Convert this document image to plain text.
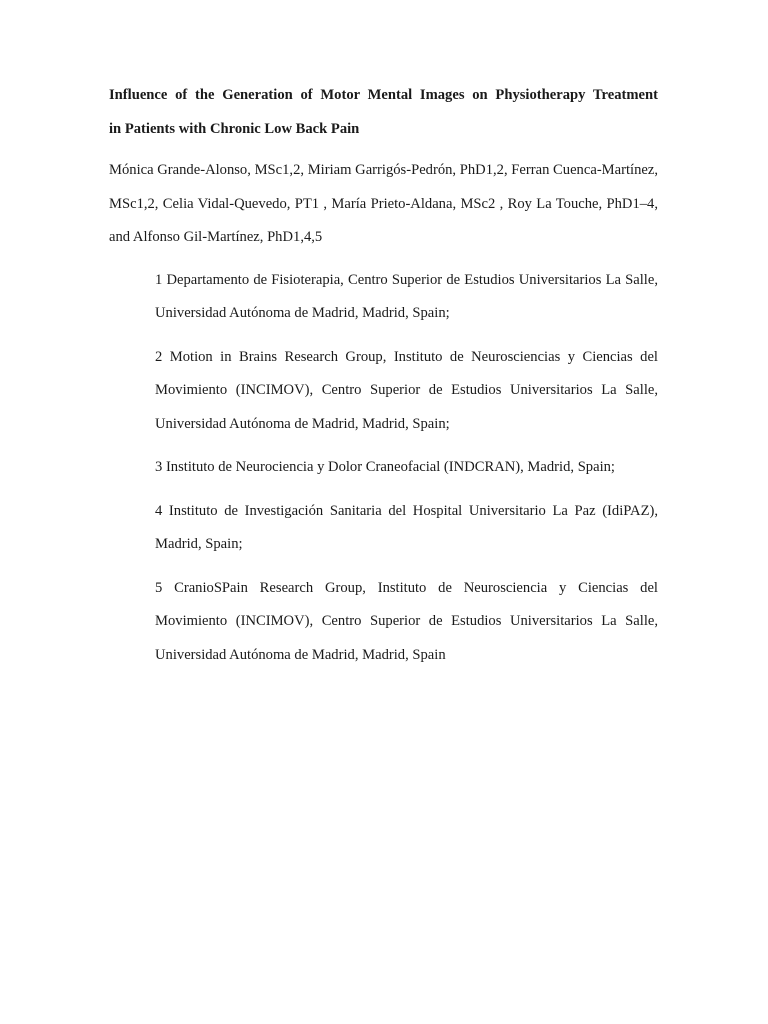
Influence of the Generation of Motor Mental Images on Physiotherapy Treatment
in Patients with Chronic Low Back Pain

Mónica Grande-Alonso, MSc1,2, Miriam Garrigós-Pedrón, PhD1,2, Ferran Cuenca-Martínez, MSc1,2, Celia Vidal-Quevedo, PT1 , María Prieto-Aldana, MSc2 , Roy La Touche, PhD1–4, and Alfonso Gil-Martínez, PhD1,4,5

1 Departamento de Fisioterapia, Centro Superior de Estudios Universitarios La Salle, Universidad Autónoma de Madrid, Madrid, Spain;
2 Motion in Brains Research Group, Instituto de Neurosciencias y Ciencias del Movimiento (INCIMOV), Centro Superior de Estudios Universitarios La Salle, Universidad Autónoma de Madrid, Madrid, Spain;
3 Instituto de Neurociencia y Dolor Craneofacial (INDCRAN), Madrid, Spain;
4 Instituto de Investigación Sanitaria del Hospital Universitario La Paz (IdiPAZ), Madrid, Spain;
5 CranioSPain Research Group, Instituto de Neurosciencia y Ciencias del Movimiento (INCIMOV), Centro Superior de Estudios Universitarios La Salle, Universidad Autónoma de Madrid, Madrid, Spain
